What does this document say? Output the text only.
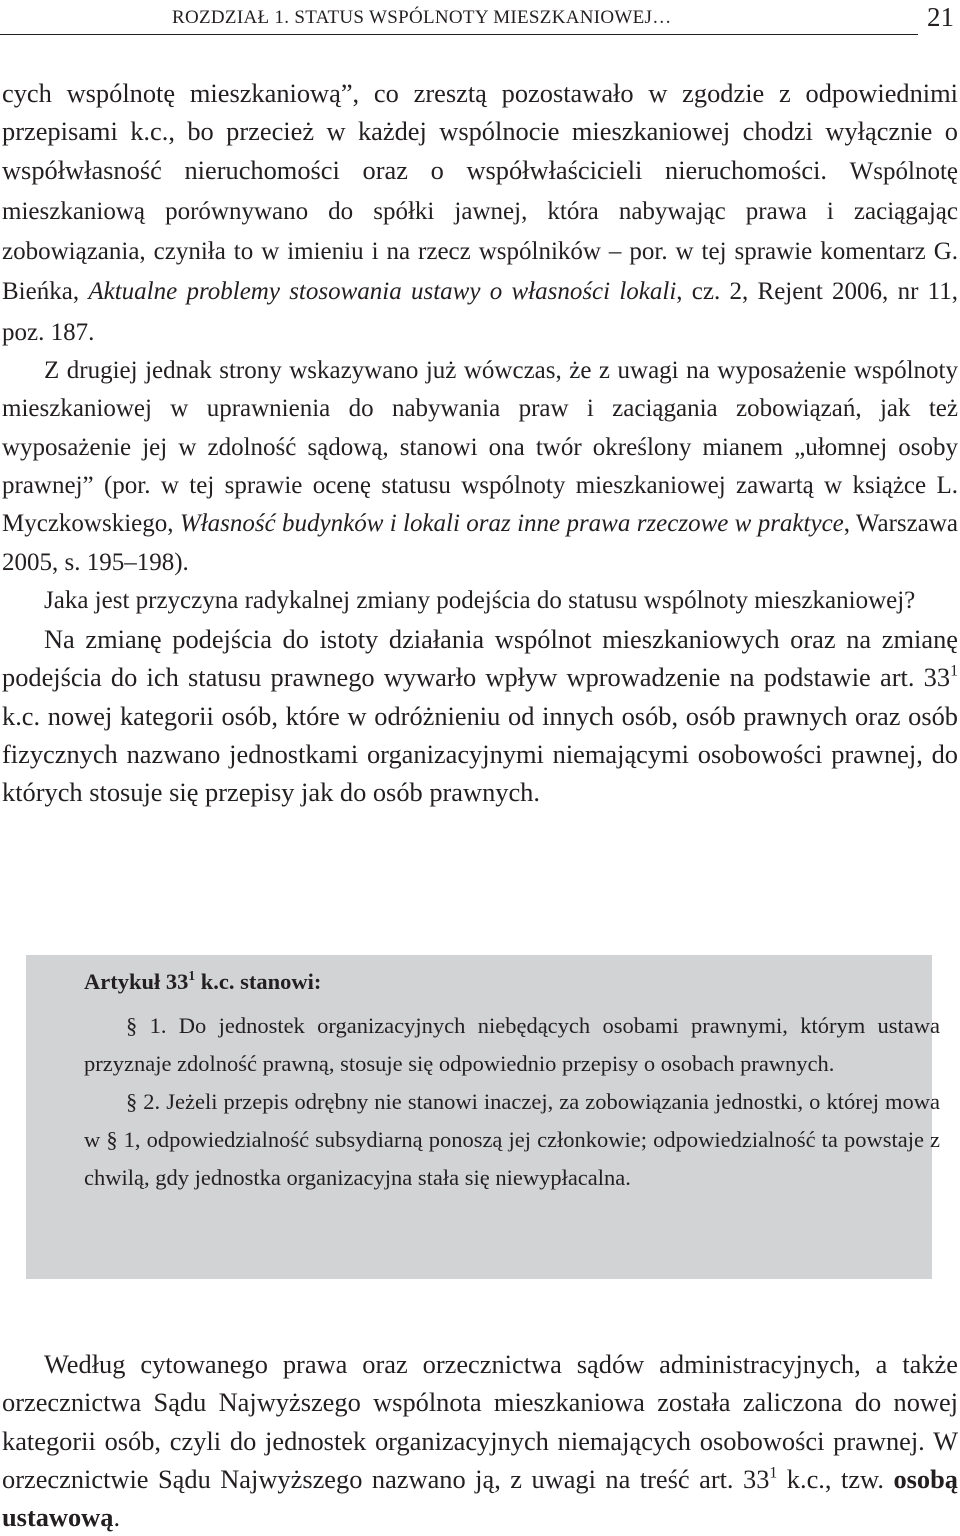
ROZDZIAŁ 1. STATUS WSPÓLNOTY MIESZKANIOWEJ…	21

cych wspólnotę mieszkaniową”, co zresztą pozostawało w zgodzie z odpowiednimi przepisami k.c., bo przecież w każdej wspólnocie mieszkaniowej chodzi wyłącznie o współwłasność nieruchomości oraz o współwłaścicieli nieruchomości. Wspólnotę mieszkaniową porównywano do spółki jawnej, która nabywając prawa i zaciągając zobowiązania, czyniła to w imieniu i na rzecz wspólników – por. w tej sprawie komentarz G. Bieńka, Aktualne problemy stosowania ustawy o własności lokali, cz. 2, Rejent 2006, nr 11, poz. 187.

Z drugiej jednak strony wskazywano już wówczas, że z uwagi na wyposażenie wspólnoty mieszkaniowej w uprawnienia do nabywania praw i zaciągania zobowiązań, jak też wyposażenie jej w zdolność sądową, stanowi ona twór określony mianem „ułomnej osoby prawnej” (por. w tej sprawie ocenę statusu wspólnoty mieszkaniowej zawartą w książce L. Myczkowskiego, Własność budynków i lokali oraz inne prawa rzeczowe w praktyce, Warszawa 2005, s. 195–198).

Jaka jest przyczyna radykalnej zmiany podejścia do statusu wspólnoty mieszkaniowej?

Na zmianę podejścia do istoty działania wspólnot mieszkaniowych oraz na zmianę podejścia do ich statusu prawnego wywarło wpływ wprowadzenie na podstawie art. $33^1$ k.c. nowej kategorii osób, które w odróżnieniu od innych osób, osób prawnych oraz osób fizycznych nazwano jednostkami organizacyjnymi niemającymi osobowości prawnej, do których stosuje się przepisy jak do osób prawnych.

Artykuł $33^1$ k.c. stanowi:
§ 1. Do jednostek organizacyjnych niebędących osobami prawnymi, którym ustawa przyznaje zdolność prawną, stosuje się odpowiednio przepisy o osobach prawnych.
§ 2. Jeżeli przepis odrębny nie stanowi inaczej, za zobowiązania jednostki, o której mowa w § 1, odpowiedzialność subsydiarną ponoszą jej członkowie; odpowiedzialność ta powstaje z chwilą, gdy jednostka organizacyjna stała się niewypłacalna.

Według cytowanego prawa oraz orzecznictwa sądów administracyjnych, a także orzecznictwa Sądu Najwyższego wspólnota mieszkaniowa została zaliczona do nowej kategorii osób, czyli do jednostek organizacyjnych niemających osobowości prawnej. W orzecznictwie Sądu Najwyższego nazwano ją, z uwagi na treść art. $33^1$ k.c., tzw. osobą ustawową.
